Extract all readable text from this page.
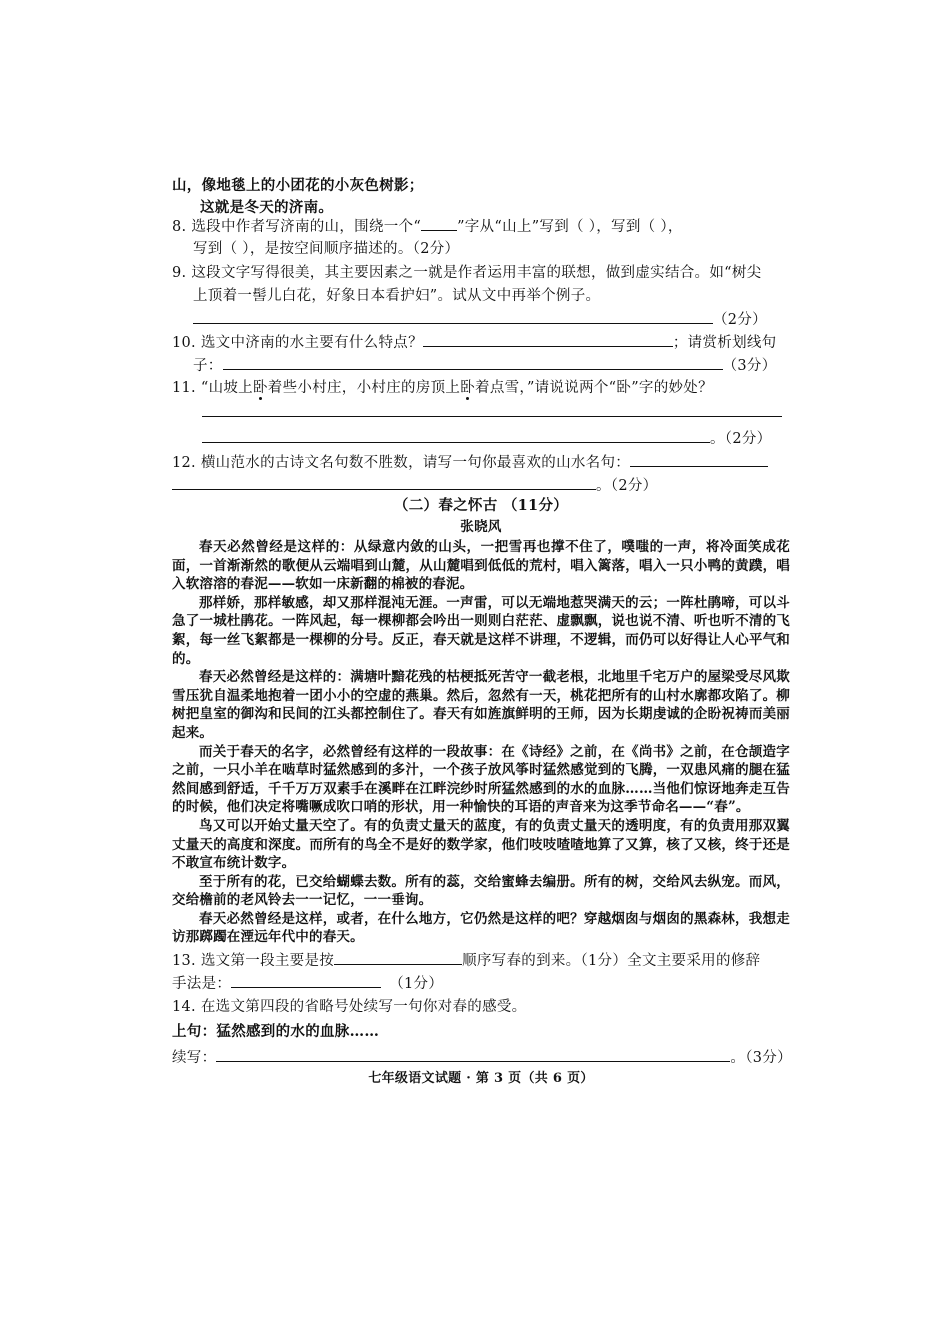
山，像地毯上的小团花的小灰色树影；
这就是冬天的济南。
8. 选段中作者写济南的山，围绕一个“ ”字从“山上”写到（ ），写到（ ），
写到（ ），是按空间顺序描述的。（2分）
9. 这段文字写得很美，其主要因素之一就是作者运用丰富的联想，做到虚实结合。如“树尖
上顶着一髻儿白花，好象日本看护妇”。试从文中再举个例子。
（2分）
10. 选文中济南的水主要有什么特点？	；请赏析划线句
子：	（3分）
11. “山坡上卧着些小村庄，小村庄的房顶上卧着点雪，”请说说两个“卧”字的妙处？
。（2分）
12. 横山范水的古诗文名句数不胜数，请写一句你最喜欢的山水名句：
。（2分）
（二）春之怀古 （11分）
张晓风

春天必然曾经是这样的：从绿意内敛的山头，一把雪再也撑不住了，噗嗤的一声，将冷面笑成花面，一首渐渐然的歌便从云端唱到山麓，从山麓唱到低低的荒村，唱入篱落，唱入一只小鸭的黄蹼，唱入软溶溶的春泥——软如一床新翻的棉被的春泥。

那样娇，那样敏感，却又那样混沌无涯。一声雷，可以无端地惹哭满天的云；一阵杜鹃啼，可以斗急了一城杜鹃花。一阵风起，每一棵柳都会吟出一则则白茫茫、虚飘飘，说也说不清、听也听不清的飞絮，每一丝飞絮都是一棵柳的分号。反正，春天就是这样不讲理，不逻辑，而仍可以好得让人心平气和的。

春天必然曾经是这样的：满塘叶黯花残的枯梗抵死苦守一截老根，北地里千宅万户的屋梁受尽风欺雪压犹自温柔地抱着一团小小的空虚的燕巢。然后，忽然有一天，桃花把所有的山村水廓都攻陷了。柳树把皇室的御沟和民间的江头都控制住了。春天有如旌旗鲜明的王师，因为长期虔诚的企盼祝祷而美丽起来。

而关于春天的名字，必然曾经有这样的一段故事：在《诗经》之前，在《尚书》之前，在仓颉造字之前，一只小羊在啮草时猛然感到的多汁，一个孩子放风筝时猛然感觉到的飞腾，一双患风痛的腿在猛然间感到舒适，千千万万双素手在溪畔在江畔浣纱时所猛然感到的水的血脉……当他们惊讶地奔走互告的时候，他们决定将嘴噘成吹口哨的形状，用一种愉快的耳语的声音来为这季节命名——“春”。

鸟又可以开始丈量天空了。有的负责丈量天的蓝度，有的负责丈量天的透明度，有的负责用那双翼丈量天的高度和深度。而所有的鸟全不是好的数学家，他们吱吱喳喳地算了又算，核了又核，终于还是不敢宣布统计数字。

至于所有的花，已交给蝴蝶去数。所有的蕊，交给蜜蜂去编册。所有的树，交给风去纵宠。而风，交给檐前的老风铃去一一记忆，一一垂询。

春天必然曾经是这样，或者，在什么地方，它仍然是这样的吧？穿越烟囱与烟囱的黑森林，我想走访那踯躅在湮远年代中的春天。

13. 选文第一段主要是按	顺序写春的到来。（1分）全文主要采用的修辞
手法是：	（1分）
14. 在选文第四段的省略号处续写一句你对春的感受。
上句：猛然感到的水的血脉……
续写：	。（3分）
七年级语文试题 · 第 3 页（共 6 页）
